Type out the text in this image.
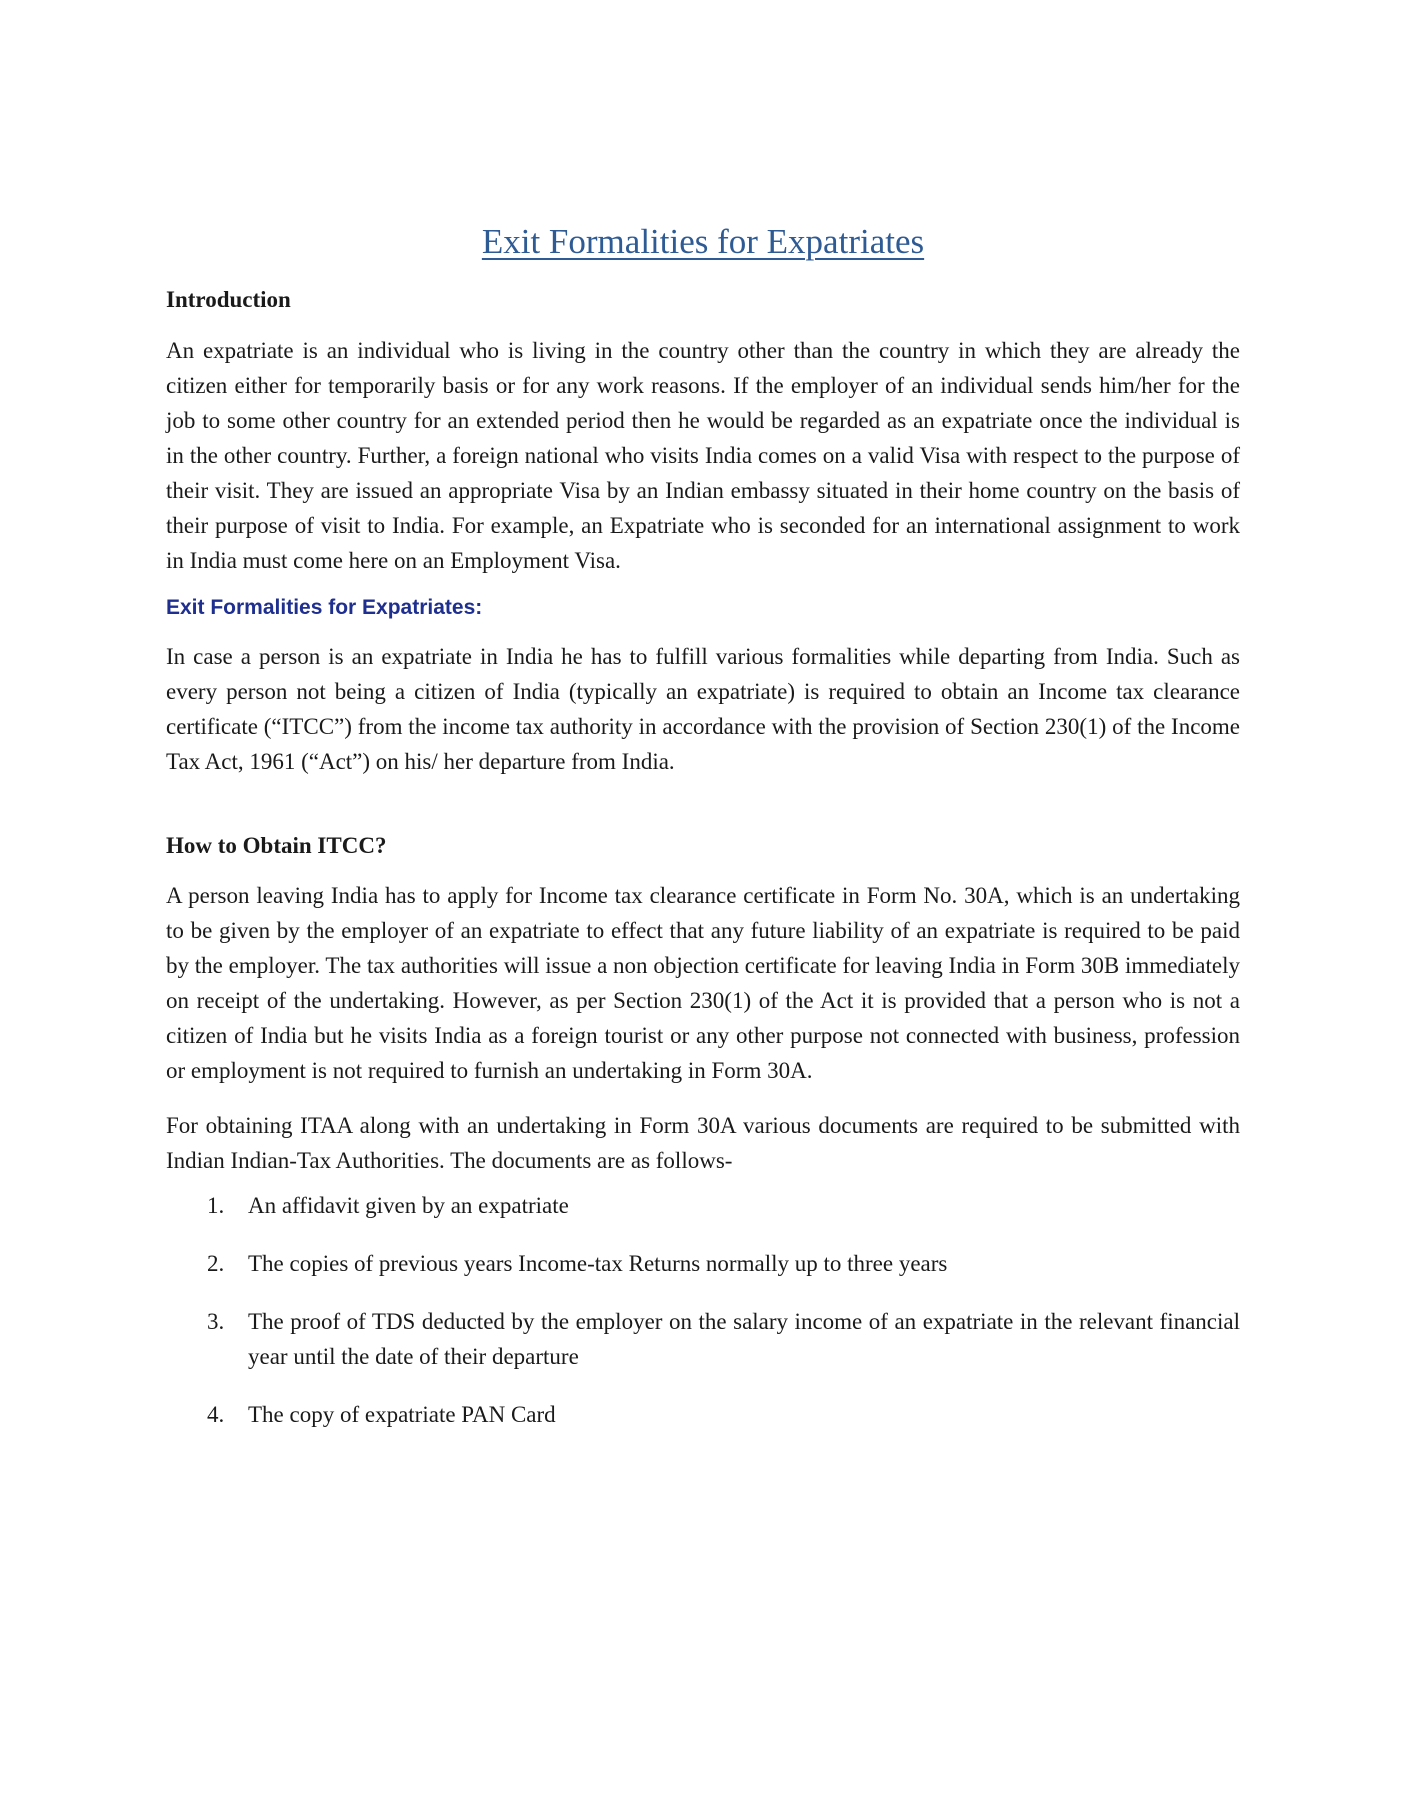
Exit Formalities for Expatriates

Introduction

An expatriate is an individual who is living in the country other than the country in which they are already the citizen either for temporarily basis or for any work reasons. If the employer of an individual sends him/her for the job to some other country for an extended period then he would be regarded as an expatriate once the individual is in the other country. Further, a foreign national who visits India comes on a valid Visa with respect to the purpose of their visit. They are issued an appropriate Visa by an Indian embassy situated in their home country on the basis of their purpose of visit to India. For example, an Expatriate who is seconded for an international assignment to work in India must come here on an Employment Visa.

Exit Formalities for Expatriates:

In case a person is an expatriate in India he has to fulfill various formalities while departing from India. Such as every person not being a citizen of India (typically an expatriate) is required to obtain an Income tax clearance certificate (“ITCC”) from the income tax authority in accordance with the provision of Section 230(1) of the Income Tax Act, 1961 (“Act”) on his/ her departure from India.

How to Obtain ITCC?

A person leaving India has to apply for Income tax clearance certificate in Form No. 30A, which is an undertaking to be given by the employer of an expatriate to effect that any future liability of an expatriate is required to be paid by the employer. The tax authorities will issue a non objection certificate for leaving India in Form 30B immediately on receipt of the undertaking. However, as per Section 230(1) of the Act it is provided that a person who is not a citizen of India but he visits India as a foreign tourist or any other purpose not connected with business, profession or employment is not required to furnish an undertaking in Form 30A.

For obtaining ITAA along with an undertaking in Form 30A various documents are required to be submitted with Indian Indian-Tax Authorities. The documents are as follows-

1. An affidavit given by an expatriate
2. The copies of previous years Income-tax Returns normally up to three years
3. The proof of TDS deducted by the employer on the salary income of an expatriate in the relevant financial year until the date of their departure
4. The copy of expatriate PAN Card
